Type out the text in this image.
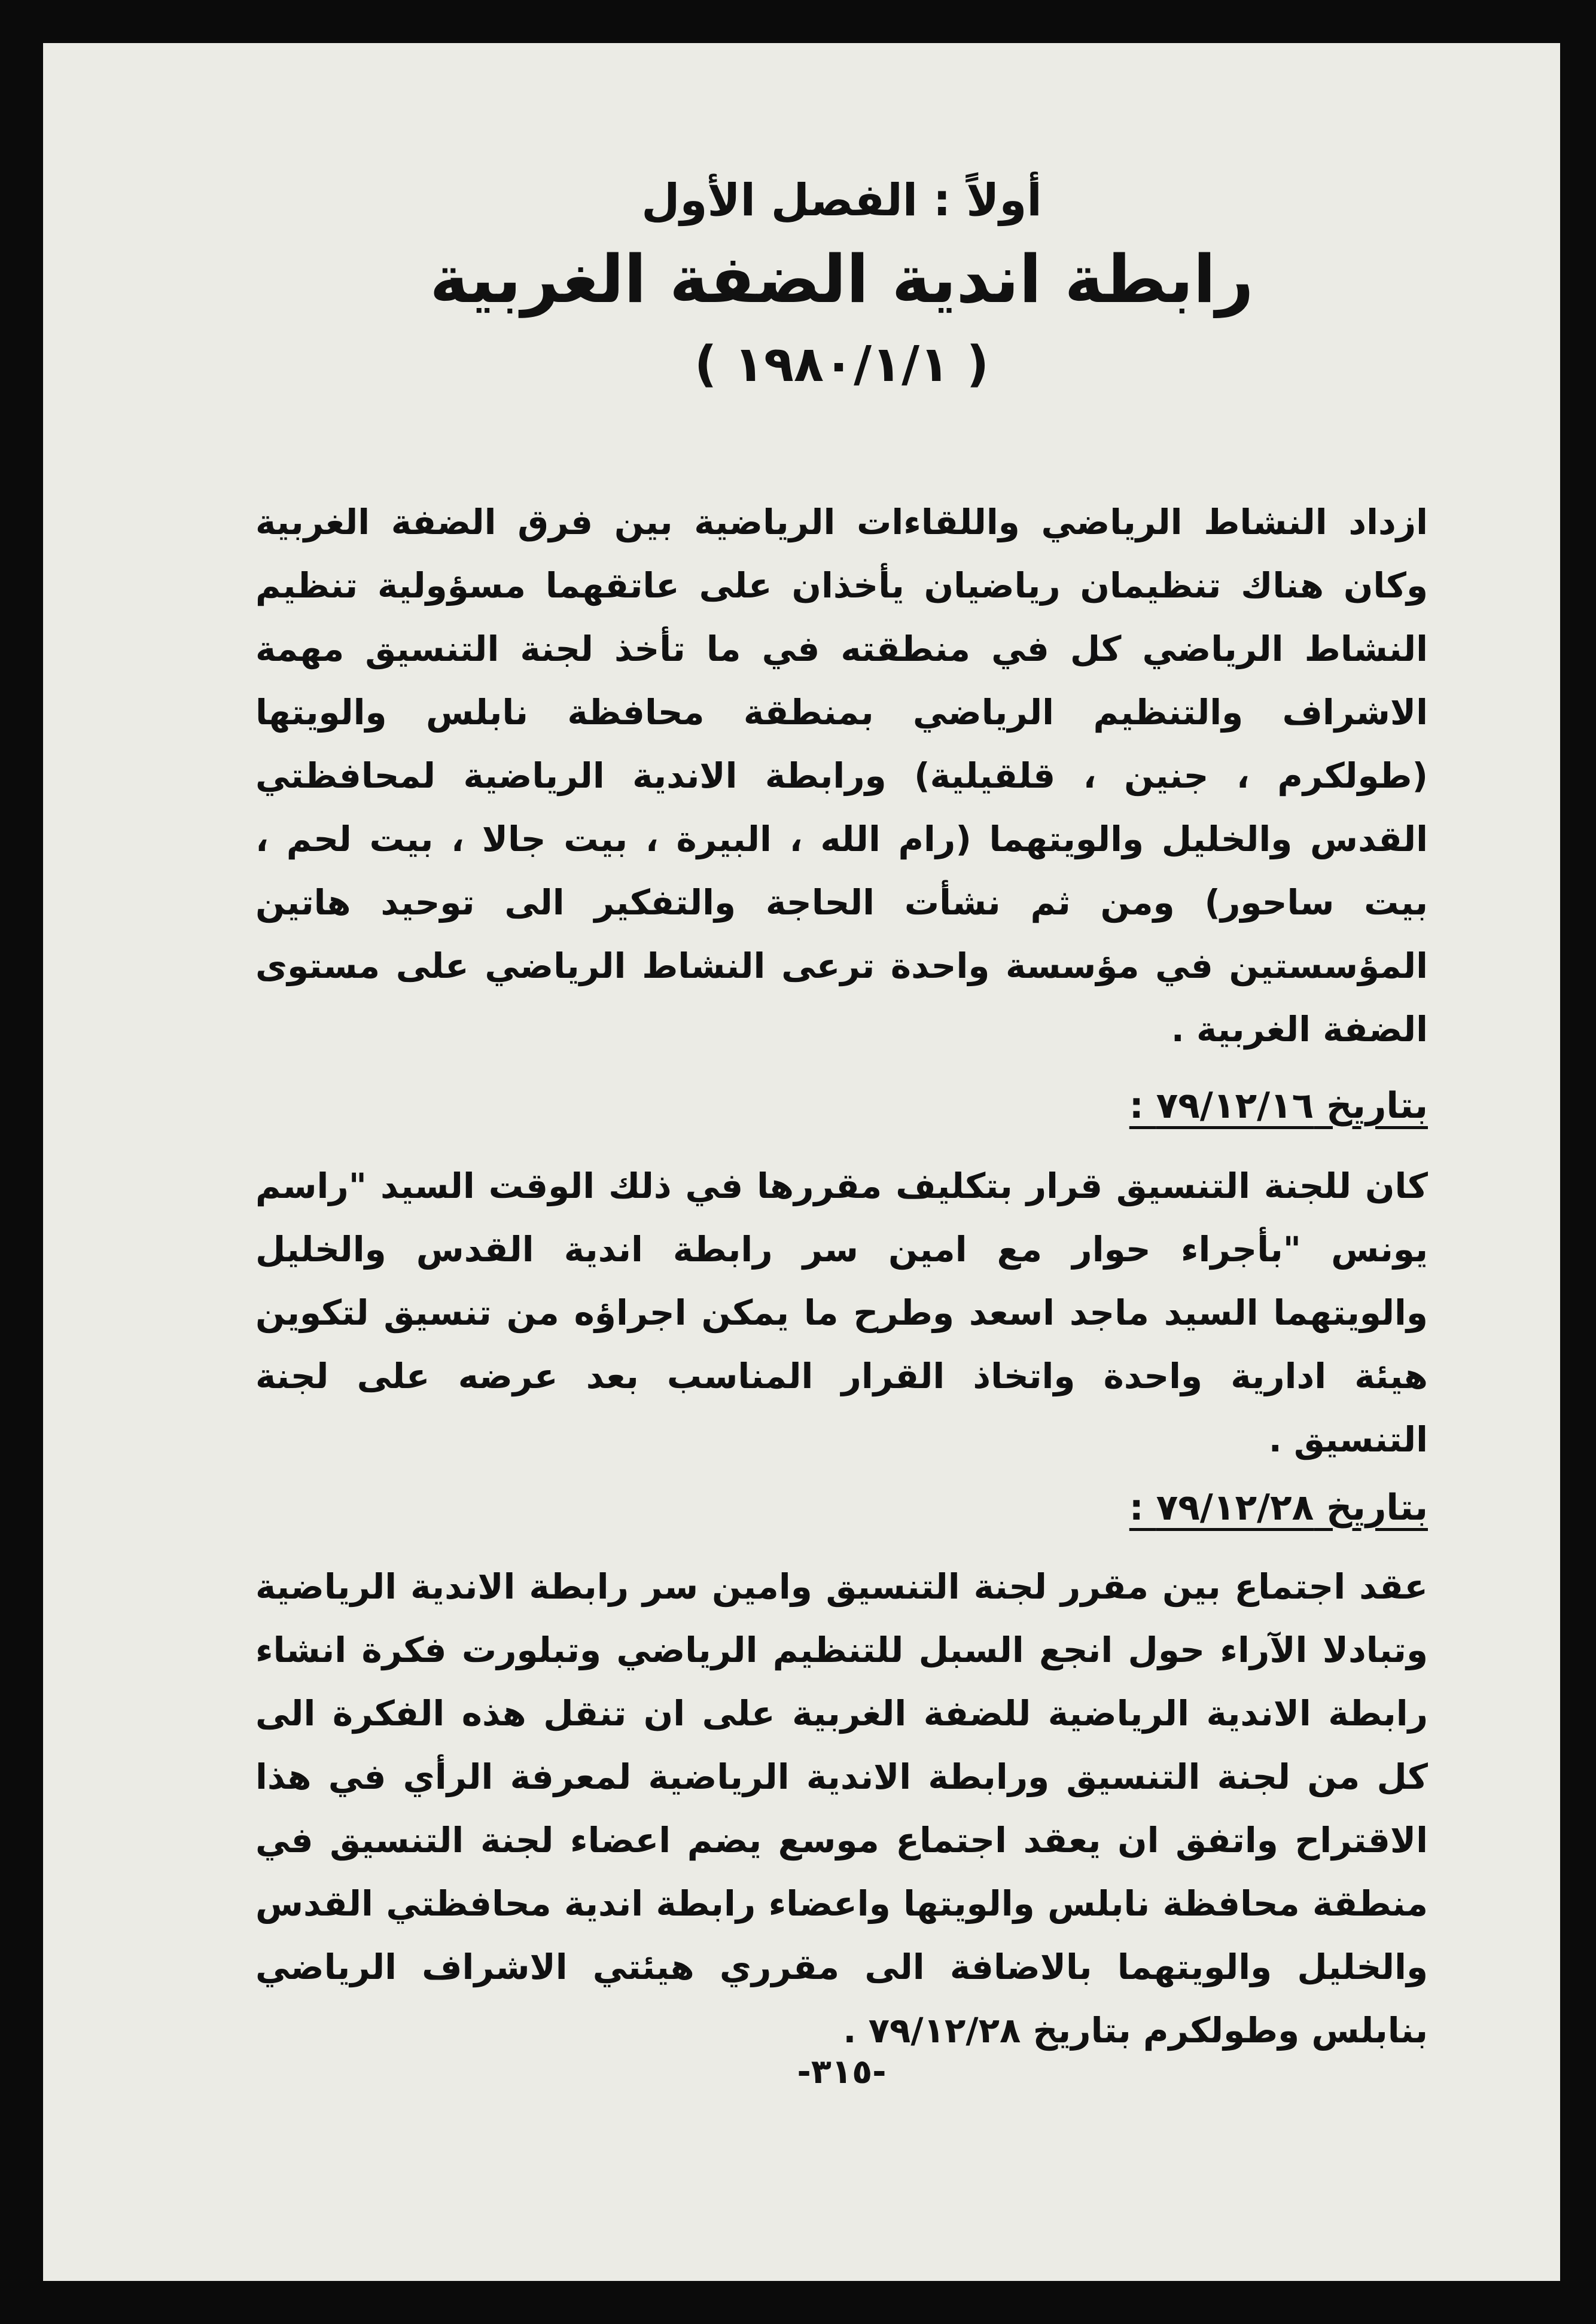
أولاً : الفصل الأول
رابطة اندية الضفة الغربية
( ١٩٨٠/١/١ )
ازداد النشاط الرياضي واللقاءات الرياضية بين فرق الضفة الغربية وكان هناك تنظيمان رياضيان يأخذان على عاتقهما مسؤولية تنظيم النشاط الرياضي كل في منطقته في ما تأخذ لجنة التنسيق مهمة الاشراف والتنظيم الرياضي بمنطقة محافظة نابلس والويتها (طولكرم ، جنين ، قلقيلية) ورابطة الاندية الرياضية لمحافظتي القدس والخليل والويتهما (رام الله ، البيرة ، بيت جالا ، بيت لحم ، بيت ساحور) ومن ثم نشأت الحاجة والتفكير الى توحيد هاتين المؤسستين في مؤسسة واحدة ترعى النشاط الرياضي على مستوى الضفة الغربية .
بتاريخ ٧٩/١٢/١٦ :
كان للجنة التنسيق قرار بتكليف مقررها في ذلك الوقت السيد "راسم يونس "بأجراء حوار مع امين سر رابطة اندية القدس والخليل والويتهما السيد ماجد اسعد وطرح ما يمكن اجراؤه من تنسيق لتكوين هيئة ادارية واحدة واتخاذ القرار المناسب بعد عرضه على لجنة التنسيق .
بتاريخ ٧٩/١٢/٢٨ :
عقد اجتماع بين مقرر لجنة التنسيق وامين سر رابطة الاندية الرياضية وتبادلا الآراء حول انجع السبل للتنظيم الرياضي وتبلورت فكرة انشاء رابطة الاندية الرياضية للضفة الغربية على ان تنقل هذه الفكرة الى كل من لجنة التنسيق ورابطة الاندية الرياضية لمعرفة الرأي في هذا الاقتراح واتفق ان يعقد اجتماع موسع يضم اعضاء لجنة التنسيق في منطقة محافظة نابلس والويتها واعضاء رابطة اندية محافظتي القدس والخليل والويتهما بالاضافة الى مقرري هيئتي الاشراف الرياضي بنابلس وطولكرم بتاريخ ٧٩/١٢/٢٨ .
-٣١٥-
